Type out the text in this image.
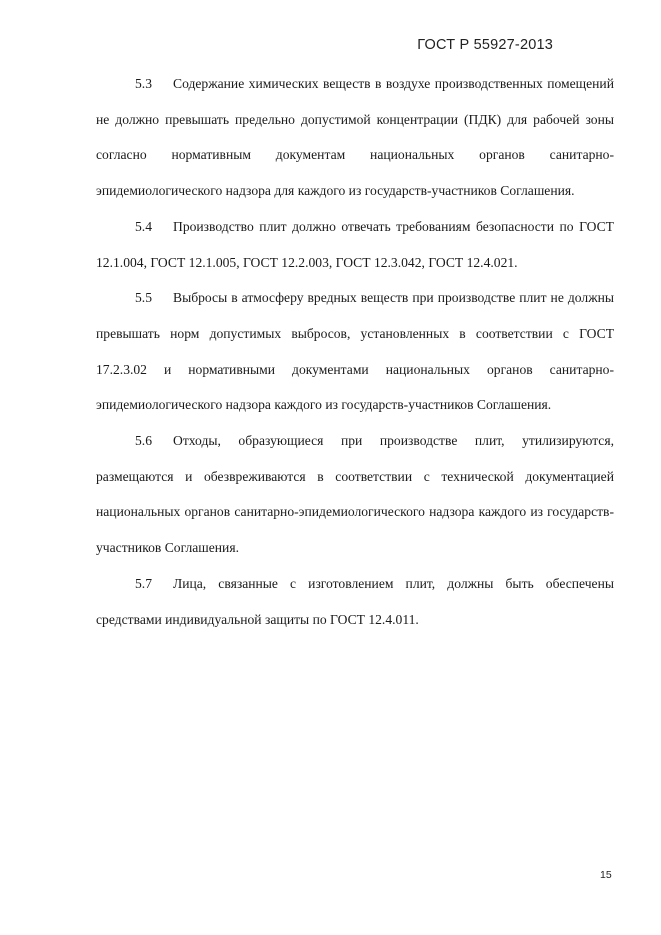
ГОСТ Р 55927-2013

5.3 Содержание химических веществ в воздухе производственных помещений не должно превышать предельно допустимой концентрации (ПДК) для рабочей зоны согласно нормативным документам национальных органов санитарно-эпидемиологического надзора для каждого из государств-участников Соглашения.

5.4 Производство плит должно отвечать требованиям безопасности по ГОСТ 12.1.004, ГОСТ 12.1.005, ГОСТ 12.2.003, ГОСТ 12.3.042, ГОСТ 12.4.021.

5.5 Выбросы в атмосферу вредных веществ при производстве плит не должны превышать норм допустимых выбросов, установленных в соответствии с ГОСТ 17.2.3.02 и нормативными документами национальных органов санитарно-эпидемиологического надзора каждого из государств-участников Соглашения.

5.6 Отходы, образующиеся при производстве плит, утилизируются, размещаются и обезвреживаются в соответствии с технической документацией национальных органов санитарно-эпидемиологического надзора каждого из государств-участников Соглашения.

5.7 Лица, связанные с изготовлением плит, должны быть обеспечены средствами индивидуальной защиты по ГОСТ 12.4.011.

15
